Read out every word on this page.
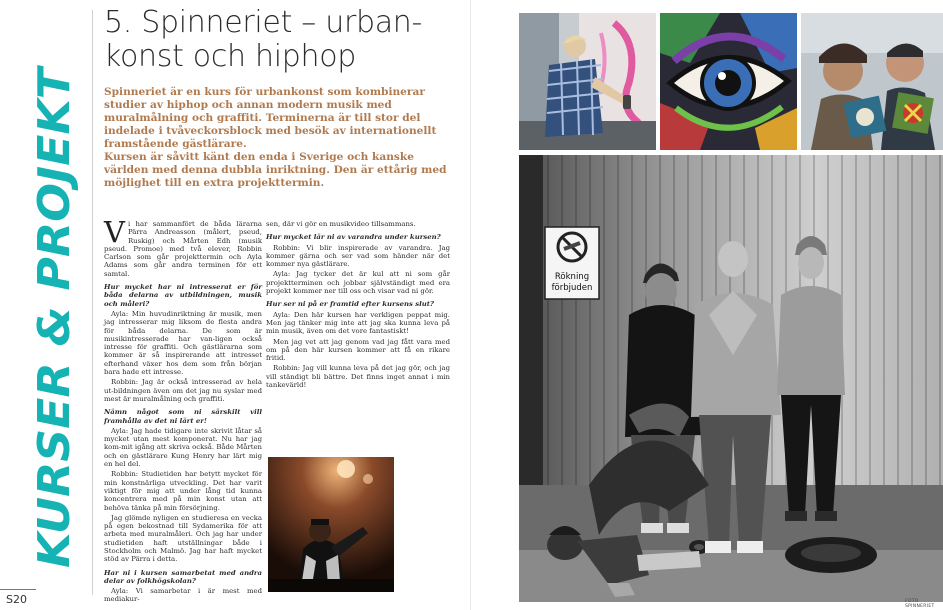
KURSER & PROJEKT
5. Spinneriet – urban-konst och hiphop

Spinneriet är en kurs för urbankonst som kombinerar studier av hiphop och annan modern musik med muralmålning och graffiti. Terminerna är till stor del indelade i tvåveckorsblock med besök av internationellt framstående gästlärare.

Kursen är såvitt känt den enda i Sverige och kanske världen med denna dubbla inriktning. Den är ettårig med möjlighet till en extra projekttermin.

Vi har sammanfört de båda lärarna Pärra Andreasson (målert, pseud, Ruskig) och Mårten Edh (musik pseud. Promoe) med två elever, Robbin Carlson som går projekttermin och Ayla Adams som går andra terminen för ett samtal.

Hur mycket har ni intresserat er för båda delarna av utbildningen, musik och måleri?

Ayla: Min huvudinriktning är musik, men jag intresserar mig liksom de flesta andra för båda delarna. De som är musikintresserade har van-ligen också intresse för graffiti. Och gästlärarna som kommer är så inspirerande att intresset efterhand växer hos dem som från början bara hade ett intresse.

Robbin: Jag är också intresserad av hela ut-bildningen även om det jag nu syslar med mest är muralmålning och graffiti.

Nämn något som ni särskilt vill framhålla av det ni lärt er!

Ayla: Jag hade tidigare inte skrivit låtar så mycket utan mest komponerat. Nu har jag kom-mit igång att skriva också. Både Mårten och en gästlärare Kung Henry har lärt mig en hel del.

Robbin: Studietiden har betytt mycket för min konstnärliga utveckling. Det har varit viktigt för mig att under lång tid kunna koncentrera med på min konst utan att behöva tänka på min försörjning.

Jag glömde nyligen en studieresa en vecka på egen bekostnad till Sydamerika för att arbeta med muralmåleri. Och jag har under studietiden haft utställningar både i Stockholm och Malmö. Jag har haft mycket stöd av Pärra i detta.

Har ni i kursen samarbetat med andra delar av folkhögskolan?

Ayla: Vi samarbetar i är mest med mediakur-

sen, där vi gör en musikvideo tillsammans.

Hur mycket lär ni av varandra under kursen?

Robbin: Vi blir inspirerade av varandra. Jag kommer gärna och ser vad som händer när det kommer nya gästlärare.

Ayla: Jag tycker det är kul att ni som går projektterminen och jobbar självständigt med era projekt kommer ner till oss och visar vad ni gör.

Hur ser ni på er framtid efter kursens slut?

Ayla: Den här kursen har verkligen peppat mig. Men jag tänker mig inte att jag ska kunna leva på min musik, även om det vore fantastiskt!

Men jag vet att jag genom vad jag fått vara med om på den här kursen kommer att få en rikare fritid.

Robbin: Jag vill kunna leva på det jag gör, och jag vill ständigt bli bättre. Det finns inget annat i min tankevärld!

S20
Rökning
förbjuden
FOTO SPINNERIET
